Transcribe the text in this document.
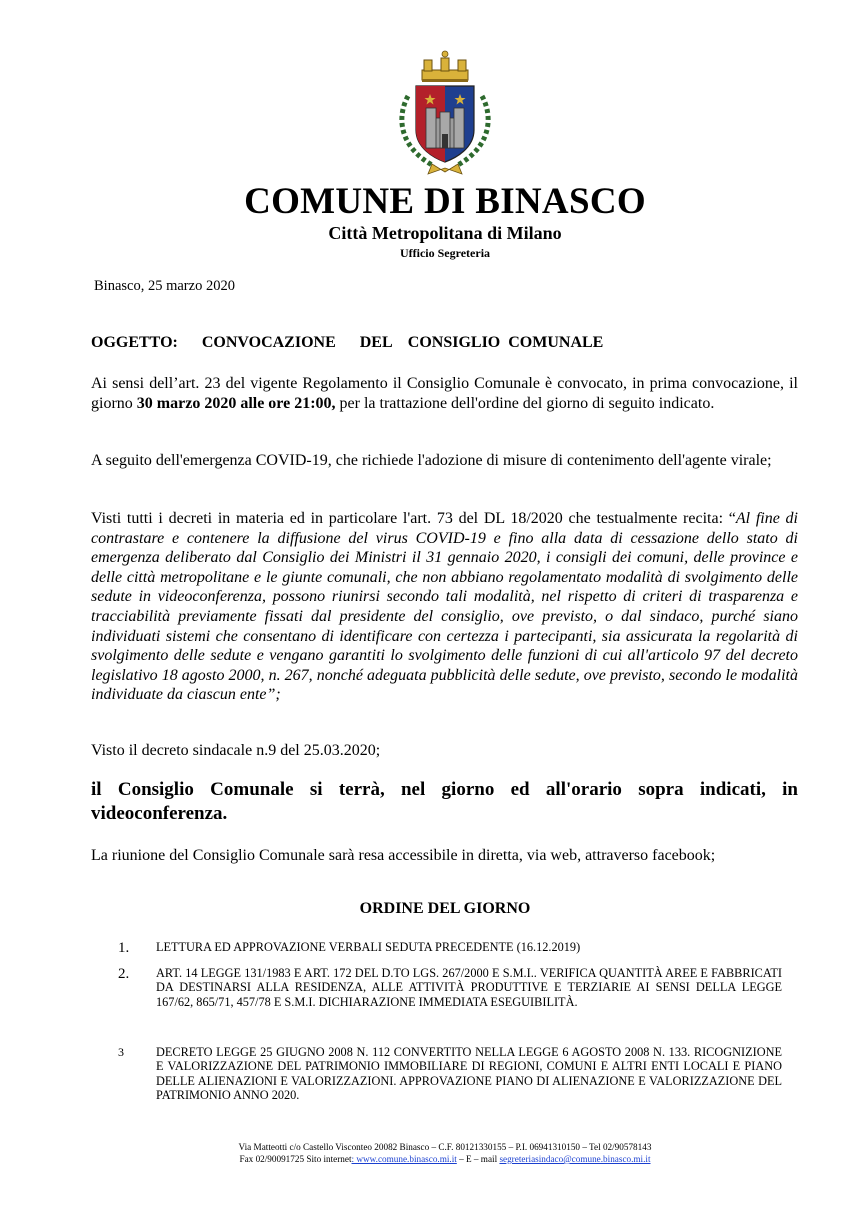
COMUNE DI BINASCO
Città Metropolitana di Milano
Ufficio Segreteria
Binasco, 25 marzo 2020
OGGETTO:   CONVOCAZIONE   DEL  CONSIGLIO COMUNALE

Ai sensi dell’art. 23 del vigente Regolamento il Consiglio Comunale è convocato, in prima convocazione, il giorno 30 marzo 2020 alle ore 21:00, per la trattazione dell'ordine del giorno di seguito indicato.

A seguito dell'emergenza COVID-19, che richiede l'adozione di misure di contenimento dell'agente virale;

Visti tutti i decreti in materia ed in particolare l'art. 73 del DL 18/2020 che testualmente recita: “Al fine di contrastare e contenere la diffusione del virus COVID-19 e fino alla data di cessazione dello stato di emergenza deliberato dal Consiglio dei Ministri il 31 gennaio 2020, i consigli dei comuni, delle province e delle città metropolitane e le giunte comunali, che non abbiano regolamentato modalità di svolgimento delle sedute in videoconferenza, possono riunirsi secondo tali modalità, nel rispetto di criteri di trasparenza e tracciabilità previamente fissati dal presidente del consiglio, ove previsto, o dal sindaco, purché siano individuati sistemi che consentano di identificare con certezza i partecipanti, sia assicurata la regolarità di svolgimento delle sedute e vengano garantiti lo svolgimento delle funzioni di cui all'articolo 97 del decreto legislativo 18 agosto 2000, n. 267, nonché adeguata pubblicità delle sedute, ove previsto, secondo le modalità individuate da ciascun ente”;

Visto il decreto sindacale n.9 del 25.03.2020;

il Consiglio Comunale si terrà, nel giorno ed all'orario sopra indicati, in videoconferenza.

La riunione del Consiglio Comunale sarà resa accessibile in diretta, via web, attraverso facebook;

ORDINE DEL GIORNO
1. LETTURA ED APPROVAZIONE VERBALI SEDUTA PRECEDENTE (16.12.2019)
2. ART. 14 LEGGE 131/1983 E ART. 172 DEL D.TO LGS. 267/2000 E S.M.I.. VERIFICA QUANTITÀ AREE E FABBRICATI DA DESTINARSI ALLA RESIDENZA, ALLE ATTIVITÀ PRODUTTIVE E TERZIARIE AI SENSI DELLA LEGGE 167/62, 865/71, 457/78 E S.M.I. DICHIARAZIONE IMMEDIATA ESEGUIBILITÀ.
3	DECRETO LEGGE 25 GIUGNO 2008 N. 112 CONVERTITO NELLA LEGGE 6 AGOSTO 2008 N. 133. RICOGNIZIONE E VALORIZZAZIONE DEL PATRIMONIO IMMOBILIARE DI REGIONI, COMUNI E ALTRI ENTI LOCALI E PIANO DELLE ALIENAZIONI E VALORIZZAZIONI. APPROVAZIONE PIANO DI ALIENAZIONE E VALORIZZAZIONE DEL PATRIMONIO ANNO 2020.
Via Matteotti c/o Castello Visconteo 20082 Binasco – C.F. 80121330155 – P.I. 06941310150 – Tel 02/90578143
Fax 02/90091725 Sito internet: www.comune.binasco.mi.it – E – mail segreteriasindaco@comune.binasco.mi.it
